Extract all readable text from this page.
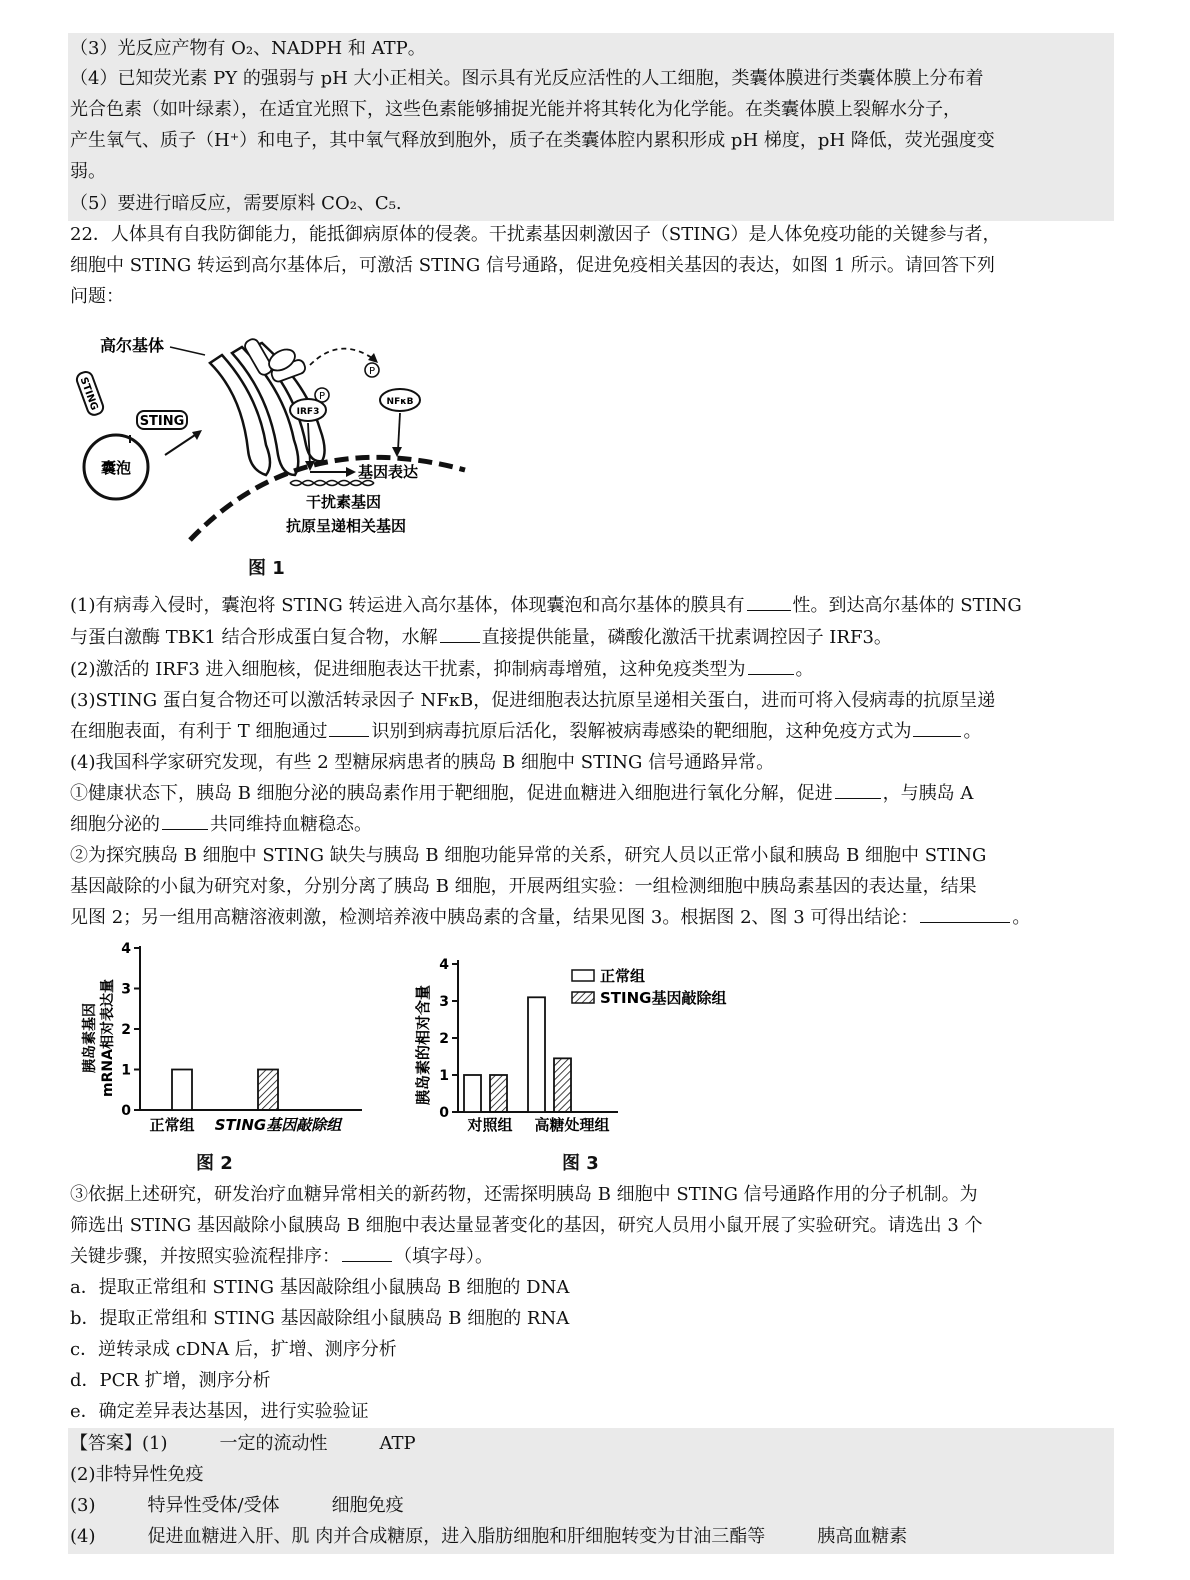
（3）光反应产物有 O₂、NADPH 和 ATP。
（4）已知荧光素 PY 的强弱与 pH 大小正相关。图示具有光反应活性的人工细胞，类囊体膜进行类囊体膜上分布着
光合色素（如叶绿素），在适宜光照下，这些色素能够捕捉光能并将其转化为化学能。在类囊体膜上裂解水分子，
产生氧气、质子（H⁺）和电子，其中氧气释放到胞外，质子在类囊体腔内累积形成 pH 梯度，pH 降低，荧光强度变
弱。
（5）要进行暗反应，需要原料 CO₂、C₅.
22．人体具有自我防御能力，能抵御病原体的侵袭。干扰素基因刺激因子（STING）是人体免疫功能的关键参与者，
细胞中 STING 转运到高尔基体后，可激活 STING 信号通路，促进免疫相关基因的表达，如图 1 所示。请回答下列
问题：
囊泡
STING
STING
高尔基体
P
P
IRF3
NFκB
基因表达
干扰素基因
抗原呈递相关基因
图 1
(1)有病毒入侵时，囊泡将 STING 转运进入高尔基体，体现囊泡和高尔基体的膜具有	性。到达高尔基体的 STING
与蛋白激酶 TBK1 结合形成蛋白复合物，水解 直接提供能量，磷酸化激活干扰素调控因子 IRF3。
(2)激活的 IRF3 进入细胞核，促进细胞表达干扰素，抑制病毒增殖，这种免疫类型为	。
(3)STING 蛋白复合物还可以激活转录因子 NFκB，促进细胞表达抗原呈递相关蛋白，进而可将入侵病毒的抗原呈递
在细胞表面，有利于 T 细胞通过 识别到病毒抗原后活化，裂解被病毒感染的靶细胞，这种免疫方式为	。
(4)我国科学家研究发现，有些 2 型糖尿病患者的胰岛 B 细胞中 STING 信号通路异常。
①健康状态下，胰岛 B 细胞分泌的胰岛素作用于靶细胞，促进血糖进入细胞进行氧化分解，促进	，与胰岛 A
细胞分泌的	共同维持血糖稳态。
②为探究胰岛 B 细胞中 STING 缺失与胰岛 B 细胞功能异常的关系，研究人员以正常小鼠和胰岛 B 细胞中 STING
基因敲除的小鼠为研究对象，分别分离了胰岛 B 细胞，开展两组实验：一组检测细胞中胰岛素基因的表达量，结果
见图 2；另一组用高糖溶液刺激，检测培养液中胰岛素的含量，结果见图 3。根据图 2、图 3 可得出结论：	。
胰岛素基因 mRNA相对表达量
0
1
2
3
4
正常组 STING基因敲除组
图 2
胰岛素的相对含量
0
1
2
3
4
对照组 高糖处理组
正常组
STING基因敲除组
图 3
③依据上述研究，研发治疗血糖异常相关的新药物，还需探明胰岛 B 细胞中 STING 信号通路作用的分子机制。为
筛选出 STING 基因敲除小鼠胰岛 B 细胞中表达量显著变化的基因，研究人员用小鼠开展了实验研究。请选出 3 个
关键步骤，并按照实验流程排序：	（填字母）。
a．提取正常组和 STING 基因敲除组小鼠胰岛 B 细胞的 DNA
b．提取正常组和 STING 基因敲除组小鼠胰岛 B 细胞的 RNA
c．逆转录成 cDNA 后，扩增、测序分析
d．PCR 扩增，测序分析
e．确定差异表达基因，进行实验验证
【答案】(1)	一定的流动性	ATP
(2)非特异性免疫
(3)	特异性受体/受体	细胞免疫
(4)	促进血糖进入肝、肌 肉并合成糖原，进入脂肪细胞和肝细胞转变为甘油三酯等	胰高血糖素
